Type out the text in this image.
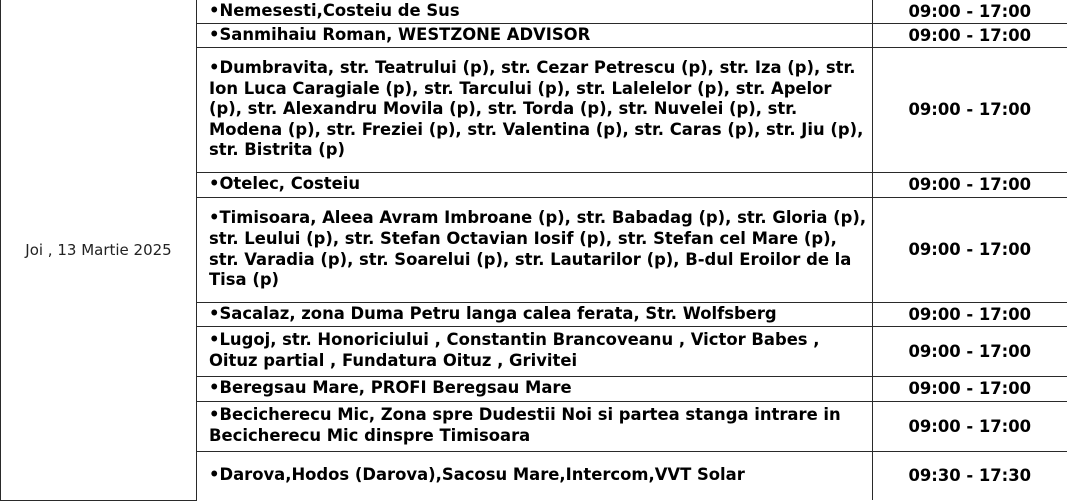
Joi , 13 Martie 2025	•Nemesesti,Costeiu de Sus	09:00 - 17:00	
	•Sanmihaiu Roman, WESTZONE ADVISOR	09:00 - 17:00	
	•Dumbravita, str. Teatrului (p), str. Cezar Petrescu (p), str. Iza (p), str. Ion Luca Caragiale (p), str. Tarcului (p), str. Lalelelor (p), str. Apelor (p), str. Alexandru Movila (p), str. Torda (p), str. Nuvelei (p), str. Modena (p), str. Freziei (p), str. Valentina (p), str. Caras (p), str. Jiu (p), str. Bistrita (p)	09:00 - 17:00	
	•Otelec, Costeiu	09:00 - 17:00	
	•Timisoara, Aleea Avram Imbroane (p), str. Babadag (p), str. Gloria (p), str. Leului (p), str. Stefan Octavian Iosif (p), str. Stefan cel Mare (p), str. Varadia (p), str. Soarelui (p), str. Lautarilor (p), B-dul Eroilor de la Tisa (p)	09:00 - 17:00	
	•Sacalaz, zona Duma Petru langa calea ferata, Str. Wolfsberg	09:00 - 17:00	
	•Lugoj, str. Honoriciului , Constantin Brancoveanu , Victor Babes , Oituz partial , Fundatura Oituz , Grivitei	09:00 - 17:00	
	•Beregsau Mare, PROFI Beregsau Mare	09:00 - 17:00	
	•Becicherecu Mic, Zona spre Dudestii Noi si partea stanga intrare in Becicherecu Mic dinspre Timisoara	09:00 - 17:00	
	•Darova,Hodos (Darova),Sacosu Mare,Intercom,VVT Solar	09:30 - 17:30	
